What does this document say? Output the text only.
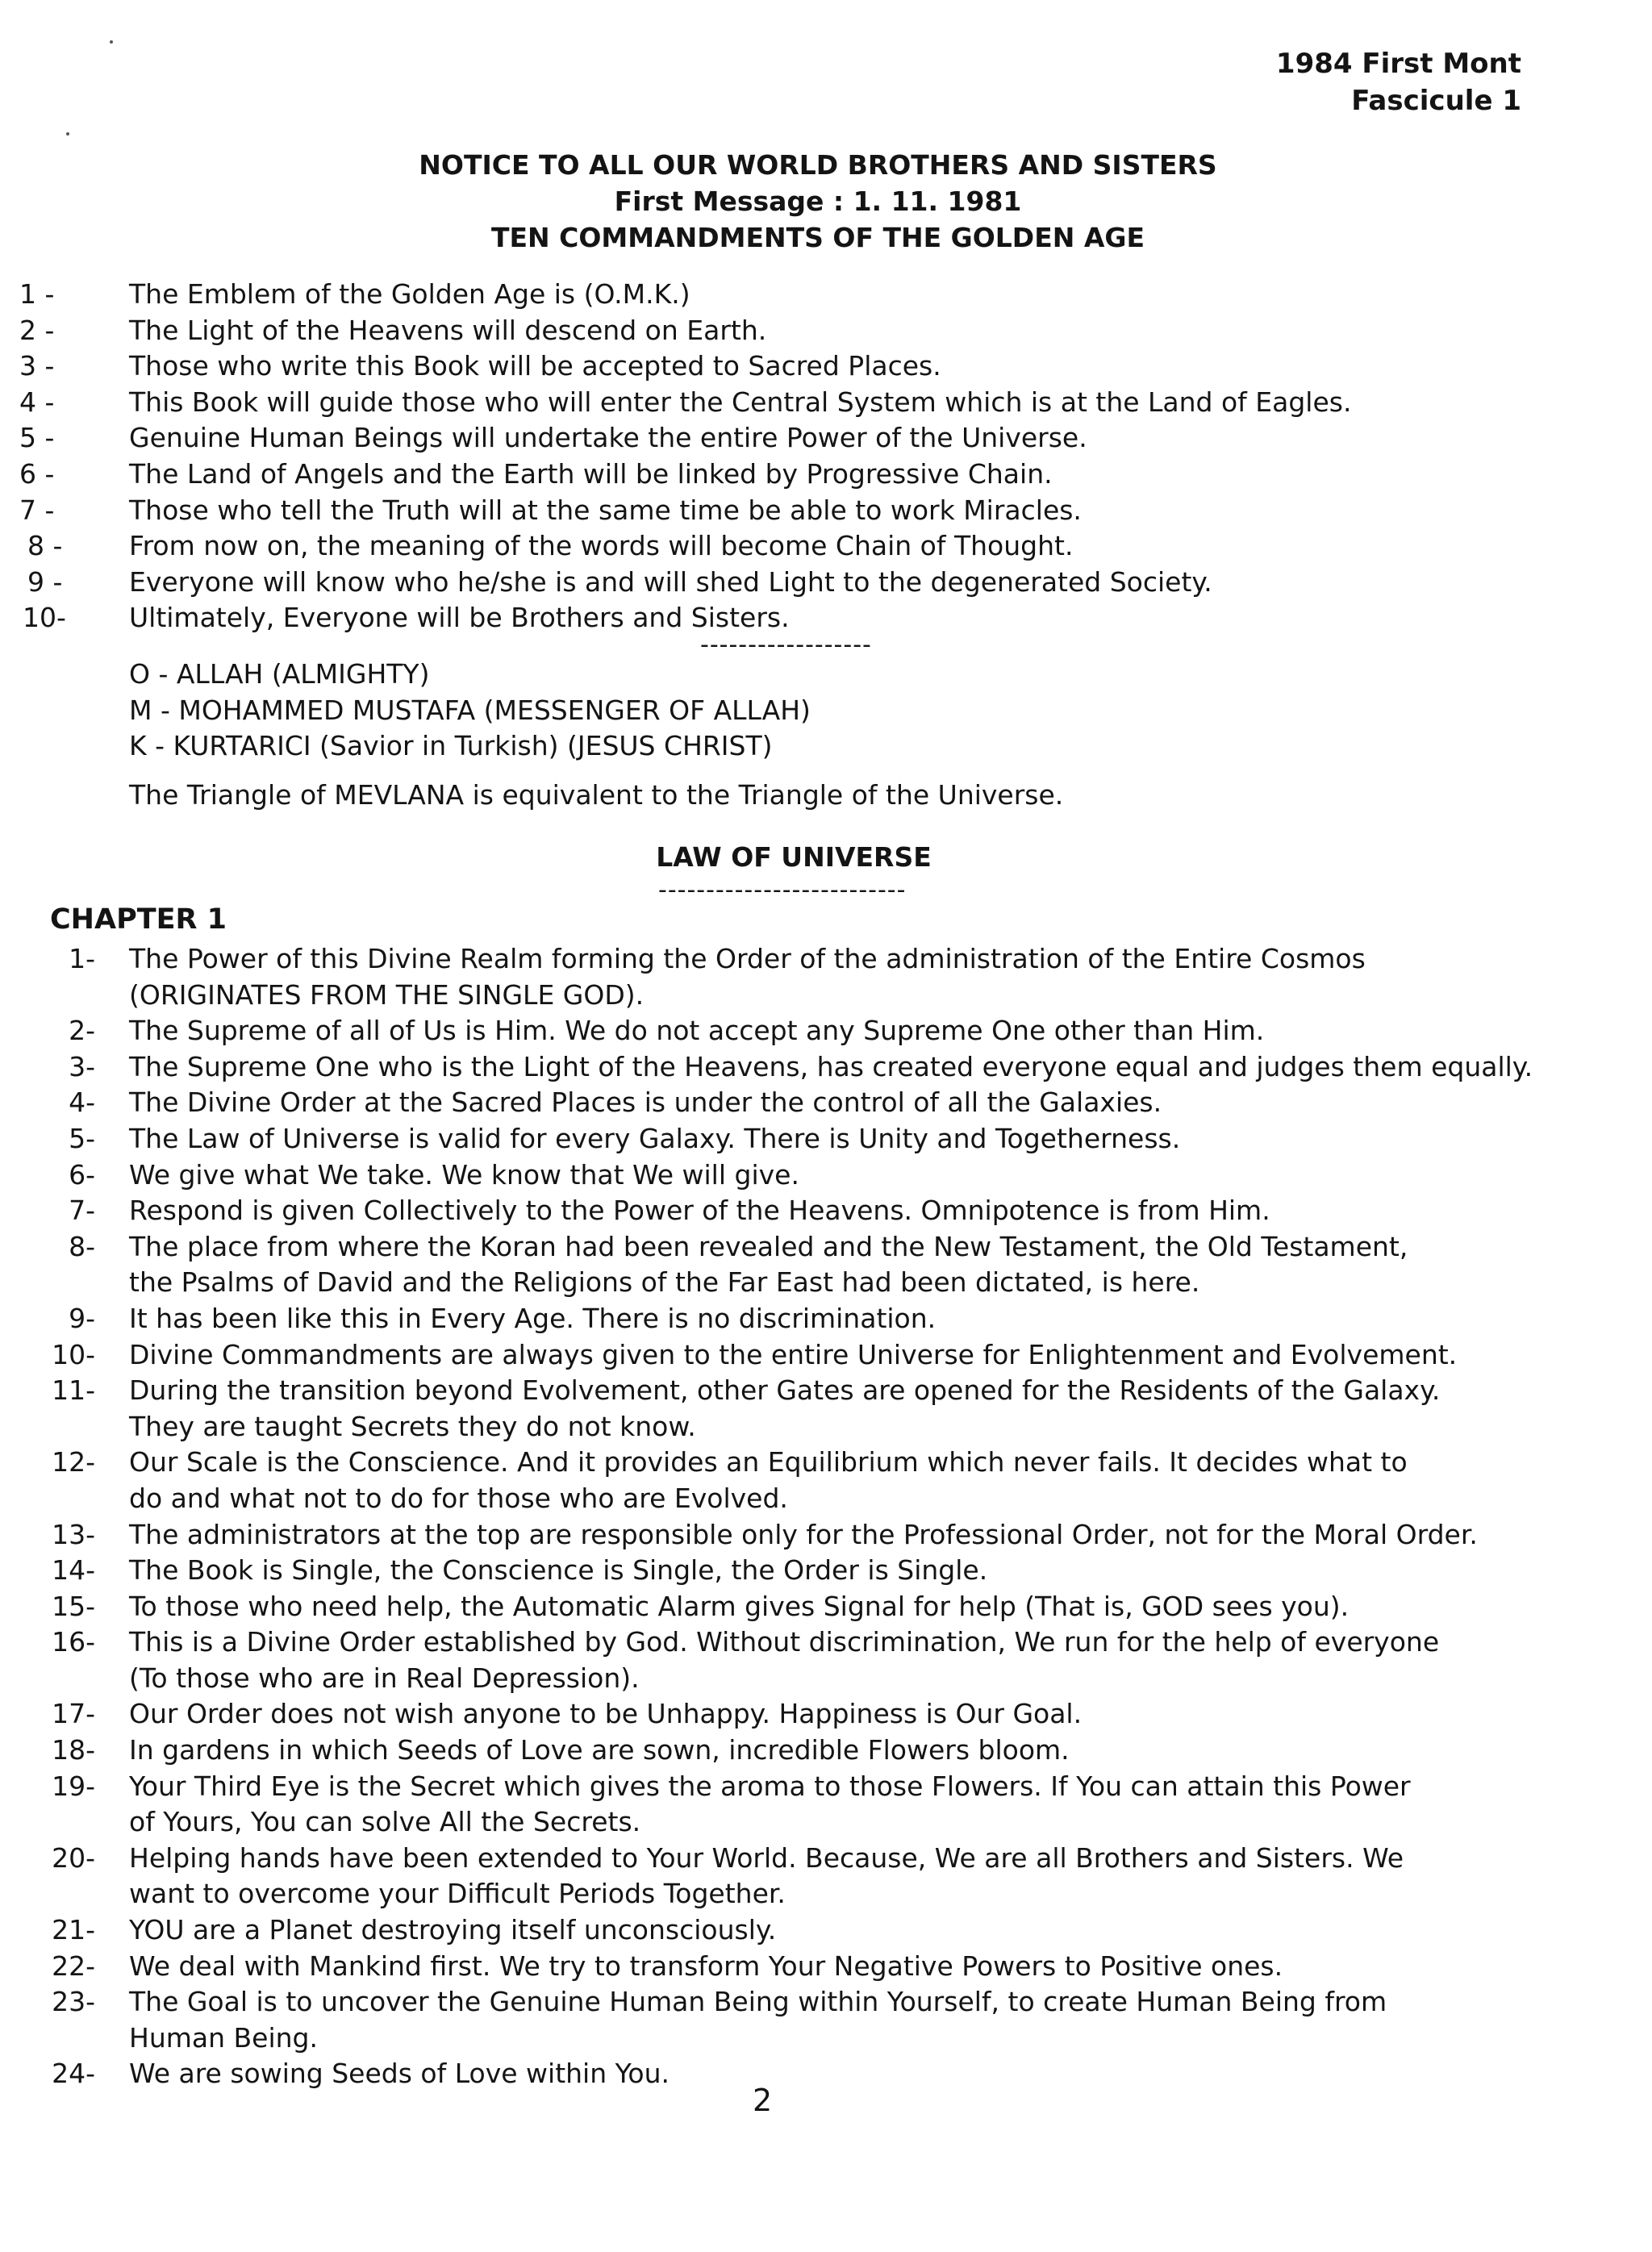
1984 First Mont
Fascicule 1
NOTICE TO ALL OUR WORLD BROTHERS AND SISTERS
First Message : 1. 11. 1981
TEN COMMANDMENTS OF THE GOLDEN AGE
1 -	The Emblem of the Golden Age is (O.M.K.)
2 -	The Light of the Heavens will descend on Earth.
3 -	Those who write this Book will be accepted to Sacred Places.
4 -	This Book will guide those who will enter the Central System which is at the Land of Eagles.
5 -	Genuine Human Beings will undertake the entire Power of the Universe.
6 -	The Land of Angels and the Earth will be linked by Progressive Chain.
7 -	Those who tell the Truth will at the same time be able to work Miracles.
8 -	From now on, the meaning of the words will become Chain of Thought.
9 -	Everyone will know who he/she is and will shed Light to the degenerated Society.
10- Ultimately, Everyone will be Brothers and Sisters.
------------------
O - ALLAH (ALMIGHTY)
M - MOHAMMED MUSTAFA (MESSENGER OF ALLAH)
K - KURTARICI (Savior in Turkish) (JESUS CHRIST)
The Triangle of MEVLANA is equivalent to the Triangle of the Universe.
LAW OF UNIVERSE
--------------------------
CHAPTER 1
1- The Power of this Divine Realm forming the Order of the administration of the Entire Cosmos
(ORIGINATES FROM THE SINGLE GOD).
2- The Supreme of all of Us is Him. We do not accept any Supreme One other than Him.
3- The Supreme One who is the Light of the Heavens, has created everyone equal and judges them equally.
4- The Divine Order at the Sacred Places is under the control of all the Galaxies.
5- The Law of Universe is valid for every Galaxy. There is Unity and Togetherness.
6- We give what We take. We know that We will give.
7- Respond is given Collectively to the Power of the Heavens. Omnipotence is from Him.
8- The place from where the Koran had been revealed and the New Testament, the Old Testament,
the Psalms of David and the Religions of the Far East had been dictated, is here.
9- It has been like this in Every Age. There is no discrimination.
10- Divine Commandments are always given to the entire Universe for Enlightenment and Evolvement.
11- During the transition beyond Evolvement, other Gates are opened for the Residents of the Galaxy.
They are taught Secrets they do not know.
12- Our Scale is the Conscience. And it provides an Equilibrium which never fails. It decides what to
do and what not to do for those who are Evolved.
13- The administrators at the top are responsible only for the Professional Order, not for the Moral Order.
14- The Book is Single, the Conscience is Single, the Order is Single.
15- To those who need help, the Automatic Alarm gives Signal for help (That is, GOD sees you).
16- This is a Divine Order established by God. Without discrimination, We run for the help of everyone
(To those who are in Real Depression).
17- Our Order does not wish anyone to be Unhappy. Happiness is Our Goal.
18- In gardens in which Seeds of Love are sown, incredible Flowers bloom.
19- Your Third Eye is the Secret which gives the aroma to those Flowers. If You can attain this Power
of Yours, You can solve All the Secrets.
20- Helping hands have been extended to Your World. Because, We are all Brothers and Sisters. We
want to overcome your Difficult Periods Together.
21- YOU are a Planet destroying itself unconsciously.
22- We deal with Mankind first. We try to transform Your Negative Powers to Positive ones.
23- The Goal is to uncover the Genuine Human Being within Yourself, to create Human Being from
Human Being.
24- We are sowing Seeds of Love within You.
2
